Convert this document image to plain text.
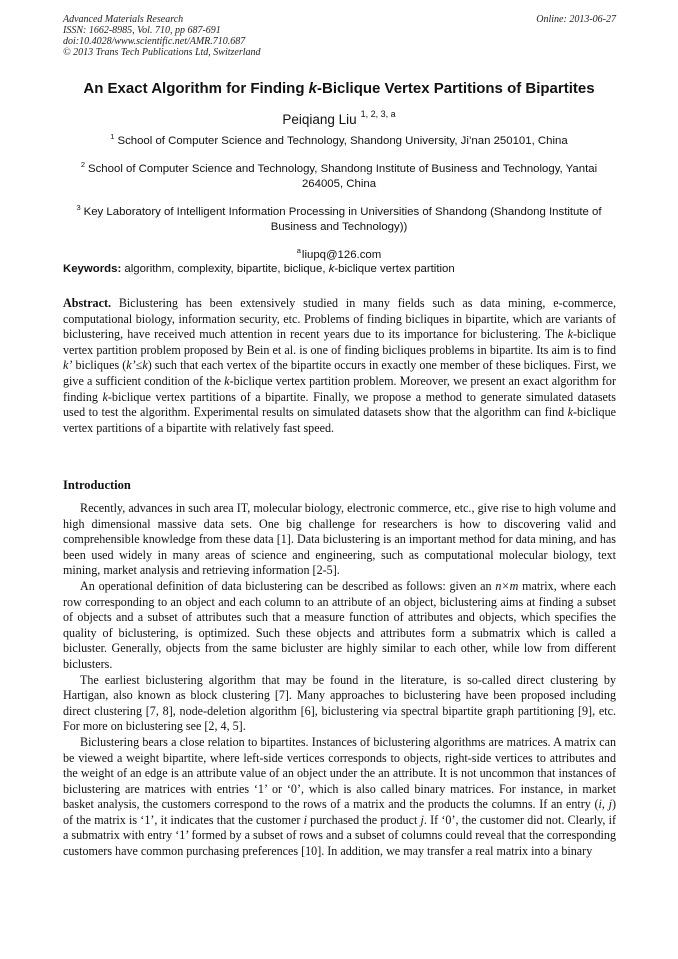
Advanced Materials Research	Online: 2013-06-27
ISSN: 1662-8985, Vol. 710, pp 687-691
doi:10.4028/www.scientific.net/AMR.710.687
© 2013 Trans Tech Publications Ltd, Switzerland
An Exact Algorithm for Finding k-Biclique Vertex Partitions of Bipartites
Peiqiang Liu $^{1, 2, 3, a}$
$^1$ School of Computer Science and Technology, Shandong University, Ji’nan 250101, China
$^2$ School of Computer Science and Technology, Shandong Institute of Business and Technology, Yantai 264005, China
$^3$ Key Laboratory of Intelligent Information Processing in Universities of Shandong (Shandong Institute of Business and Technology))
$^a$liupq@126.com
Keywords: algorithm, complexity, bipartite, biclique, k-biclique vertex partition
Abstract. Biclustering has been extensively studied in many fields such as data mining, e-commerce, computational biology, information security, etc. Problems of finding bicliques in bipartite, which are variants of biclustering, have received much attention in recent years due to its importance for biclustering. The k-biclique vertex partition problem proposed by Bein et al. is one of finding bicliques problems in bipartite. Its aim is to find k’ bicliques (k’≤k) such that each vertex of the bipartite occurs in exactly one member of these bicliques. First, we give a sufficient condition of the k-biclique vertex partition problem. Moreover, we present an exact algorithm for finding k-biclique vertex partitions of a bipartite. Finally, we propose a method to generate simulated datasets used to test the algorithm. Experimental results on simulated datasets show that the algorithm can find k-biclique vertex partitions of a bipartite with relatively fast speed.
Introduction

Recently, advances in such area IT, molecular biology, electronic commerce, etc., give rise to high volume and high dimensional massive data sets. One big challenge for researchers is how to discovering valid and comprehensible knowledge from these data [1]. Data biclustering is an important method for data mining, and has been used widely in many areas of science and engineering, such as computational molecular biology, text mining, market analysis and retrieving information [2-5].

An operational definition of data biclustering can be described as follows: given an n×m matrix, where each row corresponding to an object and each column to an attribute of an object, biclustering aims at finding a subset of objects and a subset of attributes such that a measure function of attributes and objects, which specifies the quality of biclustering, is optimized. Such these objects and attributes form a submatrix which is called a bicluster. Generally, objects from the same bicluster are highly similar to each other, while low from different biclusters.

The earliest biclustering algorithm that may be found in the literature, is so-called direct clustering by Hartigan, also known as block clustering [7]. Many approaches to biclustering have been proposed including direct clustering [7, 8], node-deletion algorithm [6], biclustering via spectral bipartite graph partitioning [9], etc. For more on biclustering see [2, 4, 5].

Biclustering bears a close relation to bipartites. Instances of biclustering algorithms are matrices. A matrix can be viewed a weight bipartite, where left-side vertices corresponds to objects, right-side vertices to attributes and the weight of an edge is an attribute value of an object under the an attribute. It is not uncommon that instances of biclustering are matrices with entries ‘1’ or ‘0’, which is also called binary matrices. For instance, in market basket analysis, the customers correspond to the rows of a matrix and the products the columns. If an entry (i, j) of the matrix is ‘1’, it indicates that the customer i purchased the product j. If ‘0’, the customer did not. Clearly, if a submatrix with entry ‘1’ formed by a subset of rows and a subset of columns could reveal that the corresponding customers have common purchasing preferences [10]. In addition, we may transfer a real matrix into a binary
